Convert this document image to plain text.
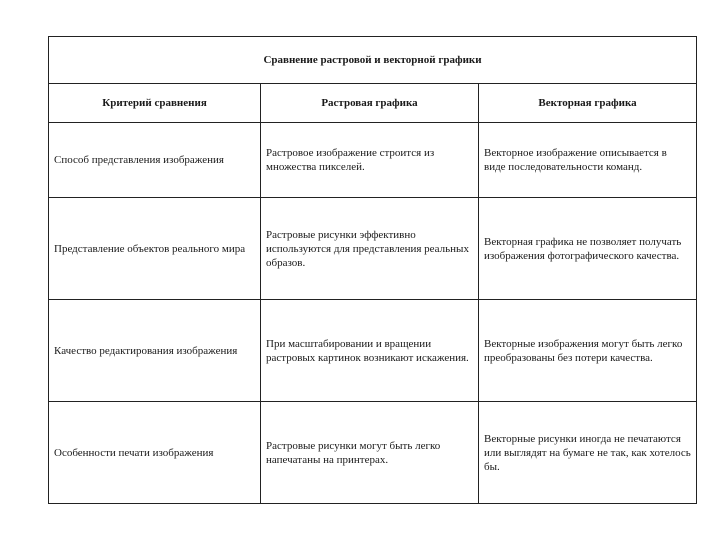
Сравнение растровой и векторной графики		
Критерий сравнения	Растровая графика	Векторная графика
Способ представления изображения	Растровое изображение строится из множества пикселей.	Векторное изображение описывается в виде последовательности команд.
Представление объектов реального мира	Растровые рисунки эффективно используются для представления реальных образов.	Векторная графика не позволяет получать изображения фотографического качества.
Качество редактирования изображения	При масштабировании и вращении растровых картинок возникают искажения.	Векторные изображения могут быть легко преобразованы без потери качества.
Особенности печати изображения	Растровые рисунки могут быть легко напечатаны на принтерах.	Векторные рисунки иногда не печатаются или выглядят на бумаге не так, как хотелось бы.
